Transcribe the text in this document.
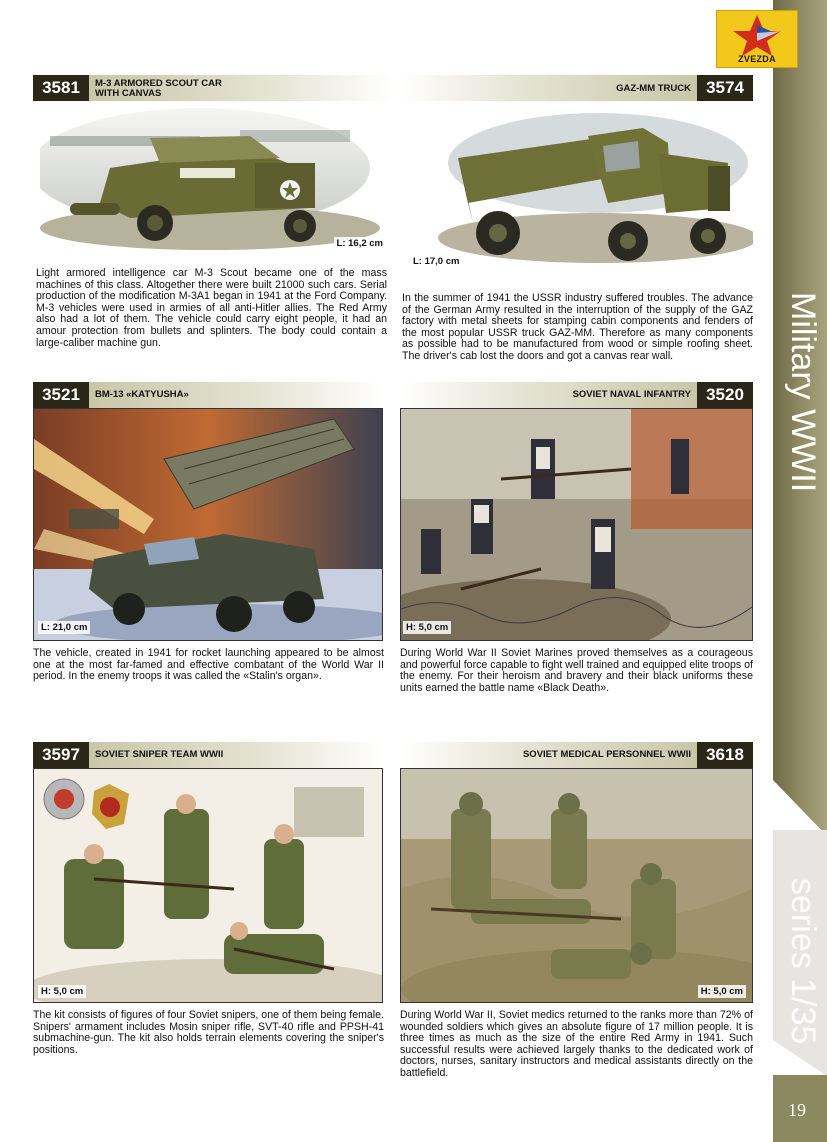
Military WWII
series 1/35
19
ZVEZDA
3581	M-3 ARMORED SCOUT CAR
WITH CANVAS
L: 16,2 cm
Light armored intelligence car M-3 Scout became one of the mass machines of this class. Altogether there were built 21000 such cars. Serial production of the modification M-3A1 began in 1941 at the Ford Company. M-3 vehicles were used in armies of all anti-Hitler allies. The Red Army also had a lot of them. The vehicle could carry eight people, it had an amour protection from bullets and splinters. The body could contain a large-caliber machine gun.
GAZ-MM TRUCK 3574
L: 17,0 cm
In the summer of 1941 the USSR industry suffered troubles. The advance of the German Army resulted in the interruption of the supply of the GAZ factory with metal sheets for stamping cabin components and fenders of the most popular USSR truck GAZ-MM. Therefore as many components as possible had to be manufactured from wood or simple roofing sheet. The driver's cab lost the doors and got a canvas rear wall.
3521	BM-13 «KATYUSHA»
L: 21,0 cm
The vehicle, created in 1941 for rocket launching appeared to be almost one at the most far-famed and effective combatant of the World War II period. In the enemy troops it was called the «Stalin's organ».
SOVIET NAVAL INFANTRY 3520
H: 5,0 cm
During World War II Soviet Marines proved themselves as a courageous and powerful force capable to fight well trained and equipped elite troops of the enemy. For their heroism and bravery and their black uniforms these units earned the battle name «Black Death».
3597	SOVIET SNIPER TEAM WWII
H: 5,0 cm
The kit consists of figures of four Soviet snipers, one of them being female. Snipers' armament includes Mosin sniper rifle, SVT-40 rifle and PPSH-41 submachine-gun. The kit also holds terrain elements covering the sniper's positions.
SOVIET MEDICAL PERSONNEL WWII 3618
H: 5,0 cm
During World War II, Soviet medics returned to the ranks more than 72% of wounded soldiers which gives an absolute figure of 17 million people. It is three times as much as the size of the entire Red Army in 1941. Such successful results were achieved largely thanks to the dedicated work of doctors, nurses, sanitary instructors and medical assistants directly on the battlefield.
